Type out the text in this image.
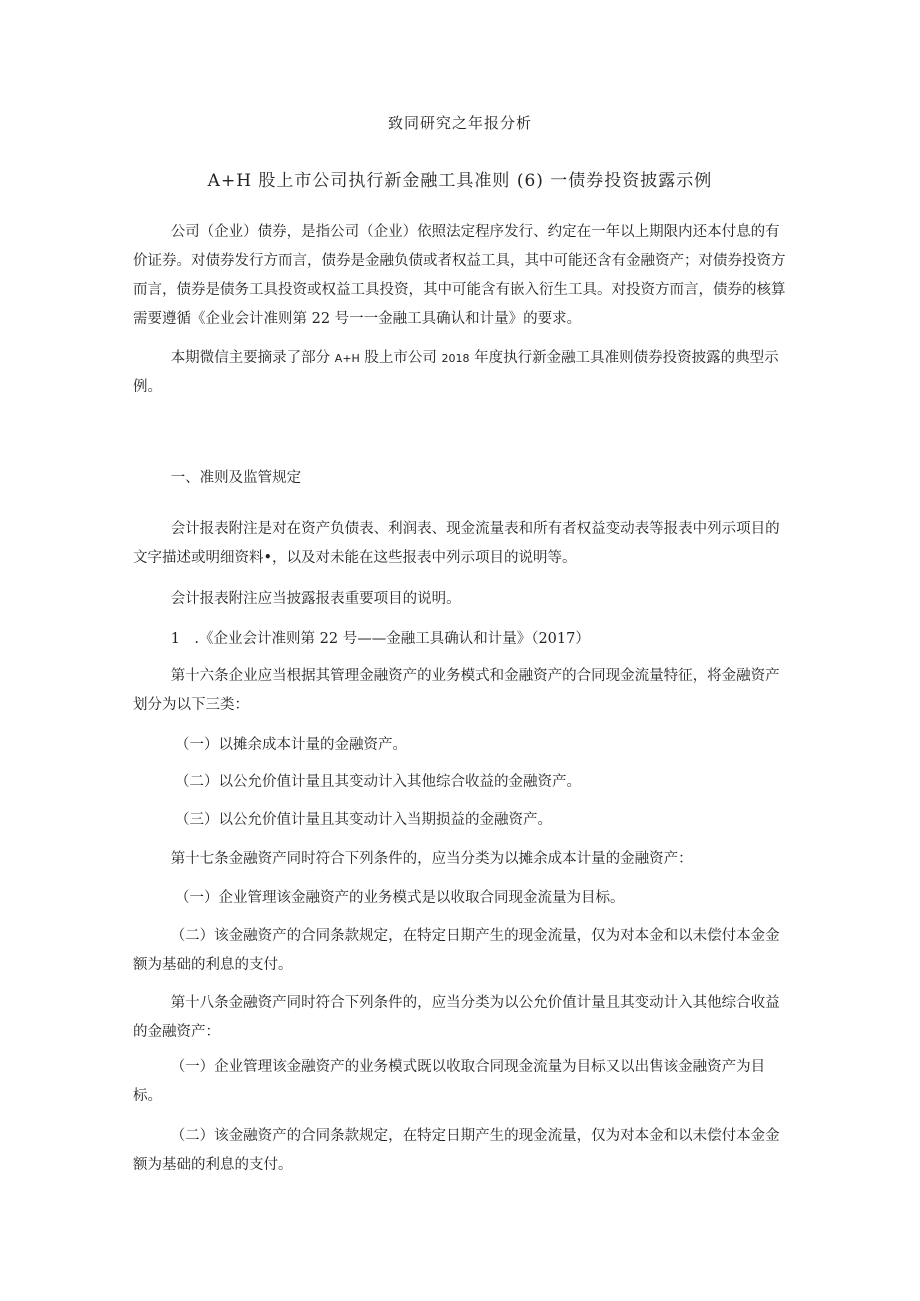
致同研究之年报分析
A+H 股上市公司执行新金融工具准则 (6) 一债券投资披露示例

公司（企业）债券，是指公司（企业）依照法定程序发行、约定在一年以上期限内还本付息的有价证券。对债券发行方而言，债券是金融负债或者权益工具，其中可能还含有金融资产；对债券投资方而言，债券是债务工具投资或权益工具投资，其中可能含有嵌入衍生工具。对投资方而言，债券的核算需要遵循《企业会计准则第 22 号一一金融工具确认和计量》的要求。

本期微信主要摘录了部分 A+H 股上市公司 2018 年度执行新金融工具准则债券投资披露的典型示例。

一、准则及监管规定

会计报表附注是对在资产负债表、利润表、现金流量表和所有者权益变动表等报表中列示项目的文字描述或明细资料•，以及对未能在这些报表中列示项目的说明等。

会计报表附注应当披露报表重要项目的说明。

1　.《企业会计准则第 22 号——金融工具确认和计量》（2017）

第十六条企业应当根据其管理金融资产的业务模式和金融资产的合同现金流量特征，将金融资产划分为以下三类：

（一）以摊余成本计量的金融资产。

（二）以公允价值计量且其变动计入其他综合收益的金融资产。

（三）以公允价值计量且其变动计入当期损益的金融资产。

第十七条金融资产同时符合下列条件的，应当分类为以摊余成本计量的金融资产：

（一）企业管理该金融资产的业务模式是以收取合同现金流量为目标。

（二）该金融资产的合同条款规定，在特定日期产生的现金流量，仅为对本金和以未偿付本金金额为基础的利息的支付。

第十八条金融资产同时符合下列条件的，应当分类为以公允价值计量且其变动计入其他综合收益的金融资产：

（一）企业管理该金融资产的业务模式既以收取合同现金流量为目标又以出售该金融资产为目标。

（二）该金融资产的合同条款规定，在特定日期产生的现金流量，仅为对本金和以未偿付本金金额为基础的利息的支付。
